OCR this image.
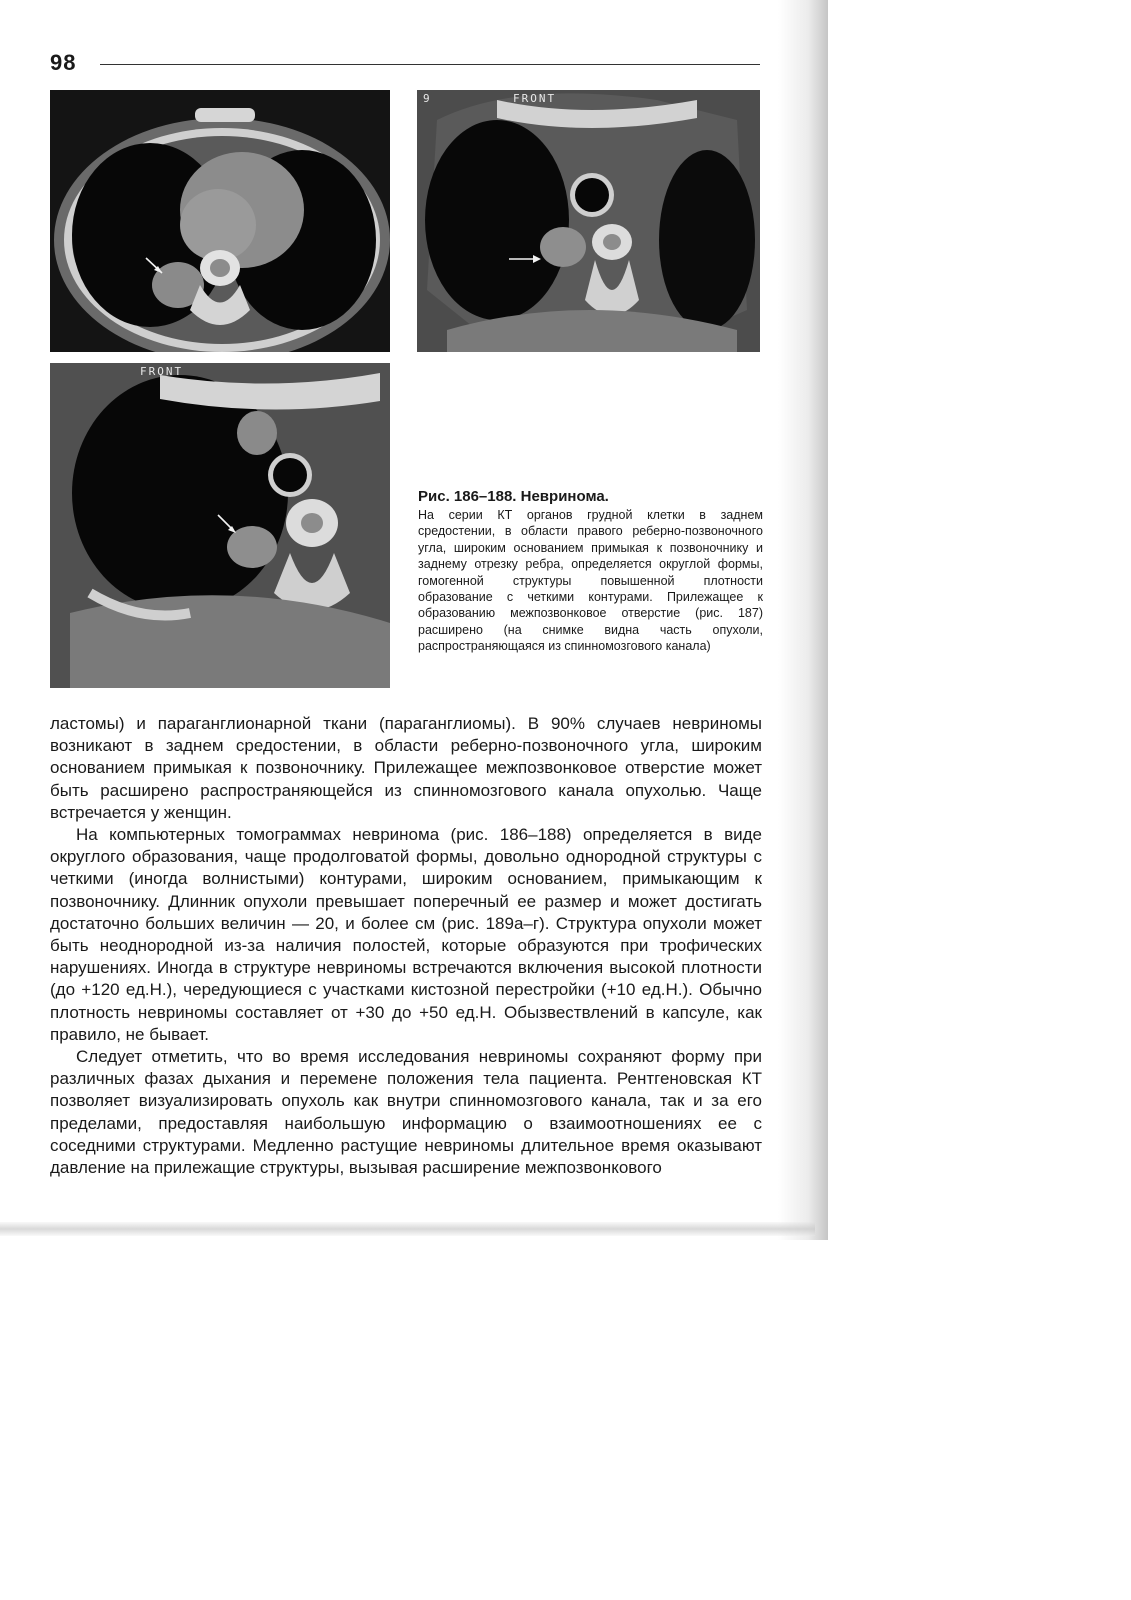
98
9	FRONT
FRONT
Рис. 186–188. Невринома.

На серии КТ органов грудной клетки в заднем средостении, в области правого реберно-позвоночного угла, широким основанием примыкая к позвоночнику и заднему отрезку ребра, определяется округлой формы, гомогенной структуры повышенной плотности образование с четкими контурами. Прилежащее к образованию межпозвонковое отверстие (рис. 187) расширено (на снимке видна часть опухоли, распространяющаяся из спинномозгового канала)

ластомы) и параганглионарной ткани (параганглиомы). В 90% случаев невриномы возникают в заднем средостении, в области реберно-позвоночного угла, широким основанием примыкая к позвоночнику. Прилежащее межпозвонковое отверстие может быть расширено распространяющейся из спинномозгового канала опухолью. Чаще встречается у женщин.

На компьютерных томограммах невринома (рис. 186–188) определяется в виде округлого образования, чаще продолговатой формы, довольно однородной структуры с четкими (иногда волнистыми) контурами, широким основанием, примыкающим к позвоночнику. Длинник опухоли превышает поперечный ее размер и может достигать достаточно больших величин — 20, и более см (рис. 189а–г). Структура опухоли может быть неоднородной из-за наличия полостей, которые образуются при трофических нарушениях. Иногда в структуре невриномы встречаются включения высокой плотности (до +120 ед.Н.), чередующиеся с участками кистозной перестройки (+10 ед.Н.). Обычно плотность невриномы составляет от +30 до +50 ед.Н. Обызвествлений в капсуле, как правило, не бывает.

Следует отметить, что во время исследования невриномы сохраняют форму при различных фазах дыхания и перемене положения тела пациента. Рентгеновская КТ позволяет визуализировать опухоль как внутри спинномозгового канала, так и за его пределами, предоставляя наибольшую информацию о взаимоотношениях ее с соседними структурами. Медленно растущие невриномы длительное время оказывают давление на прилежащие структуры, вызывая расширение межпозвонкового
